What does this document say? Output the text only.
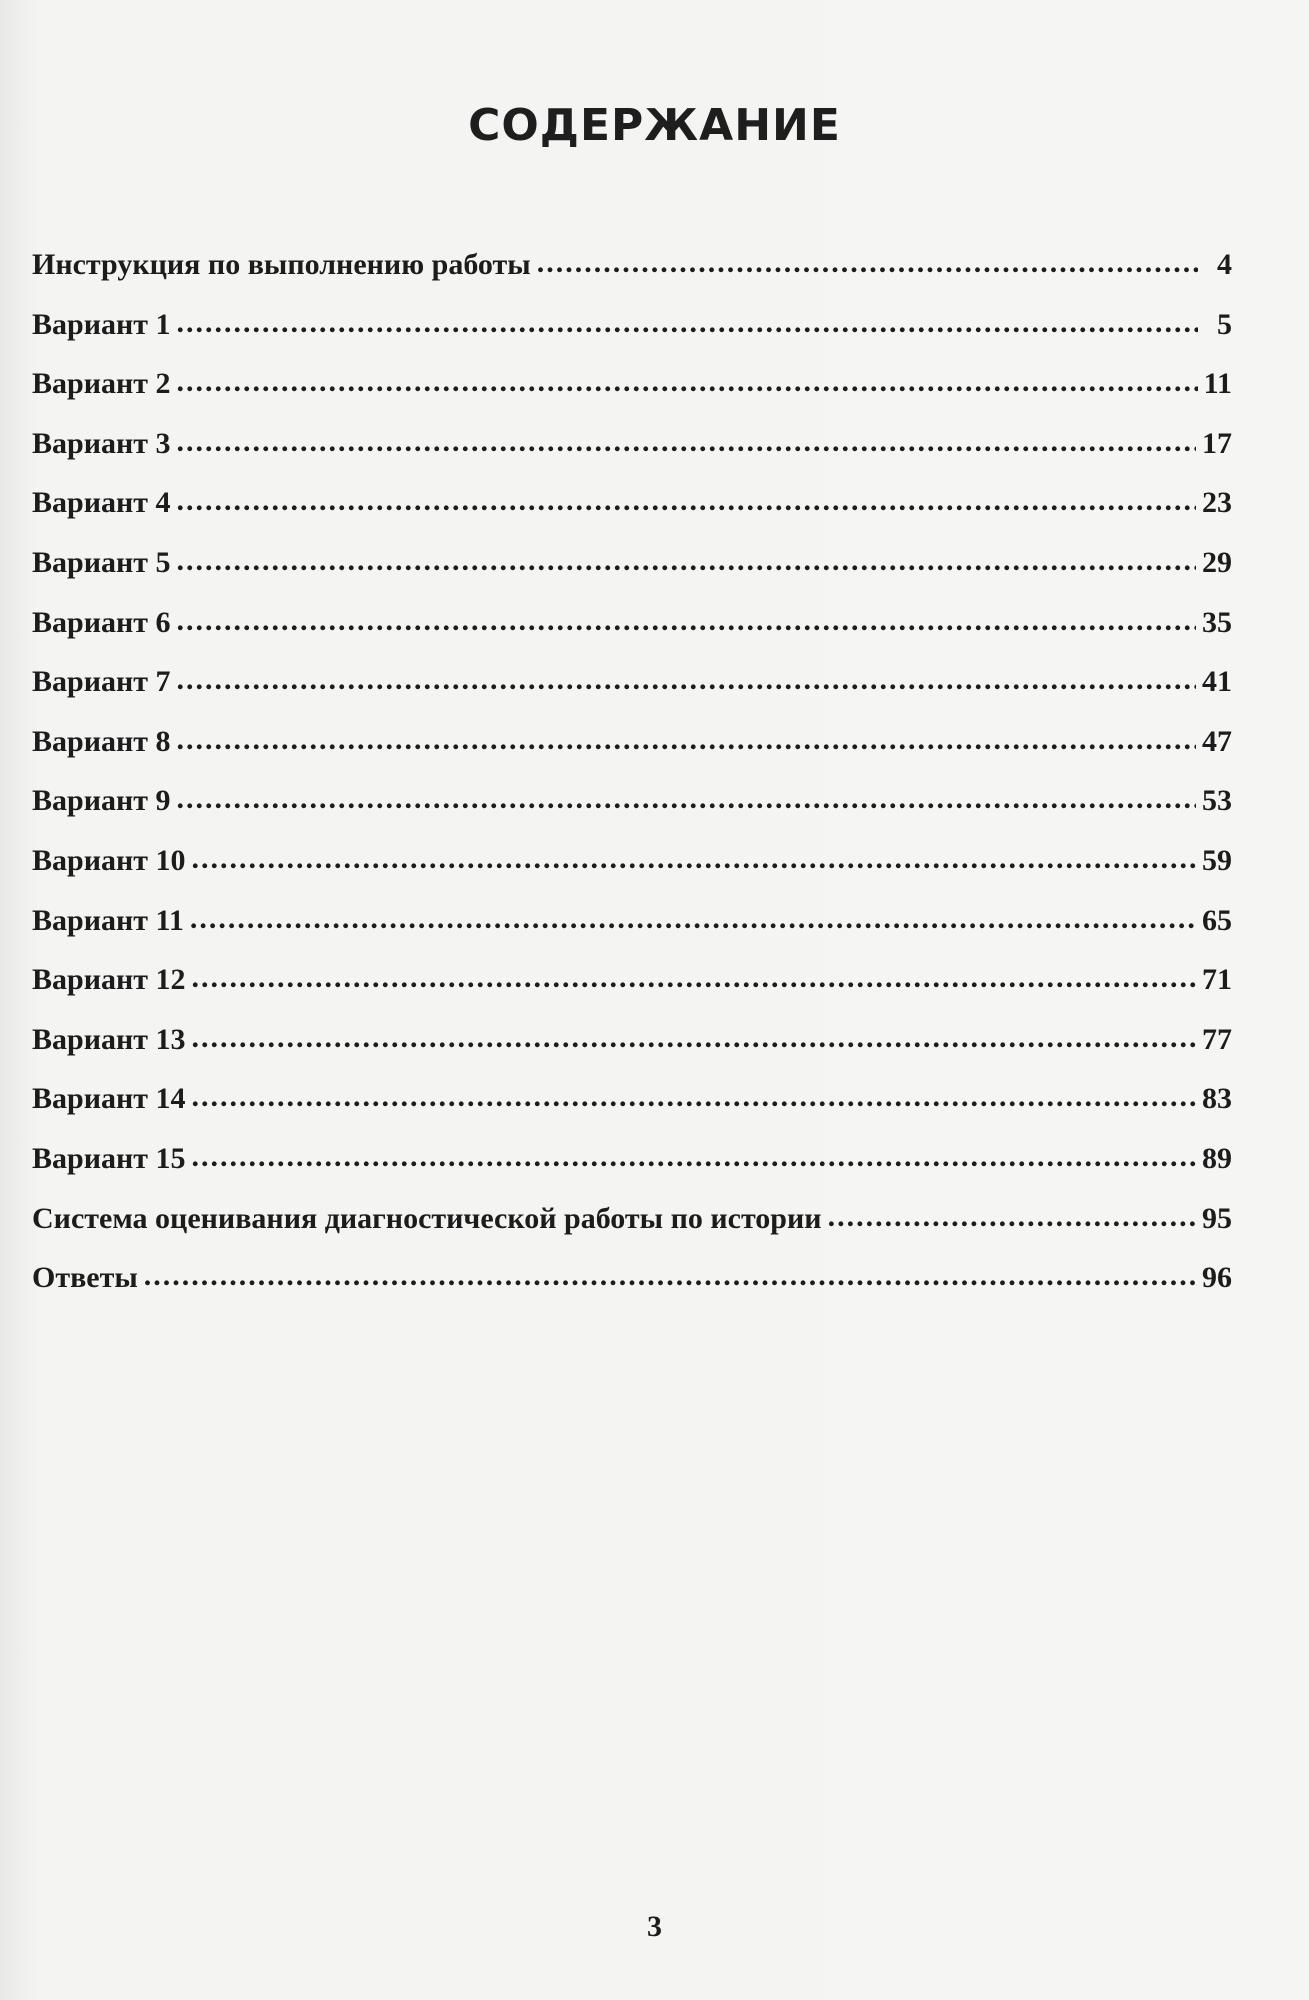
СОДЕРЖАНИЕ
Инструкция по выполнению работы .....	4
Вариант 1 .....	5
Вариант 2 .....	11
Вариант 3 .....	17
Вариант 4 .....	23
Вариант 5 .....	29
Вариант 6 .....	35
Вариант 7 .....	41
Вариант 8 .....	47
Вариант 9 .....	53
Вариант 10 .....	59
Вариант 11 .....	65
Вариант 12 .....	71
Вариант 13 .....	77
Вариант 14 .....	83
Вариант 15 .....	89
Система оценивания диагностической работы по истории .....	95
Ответы .....	96
3
